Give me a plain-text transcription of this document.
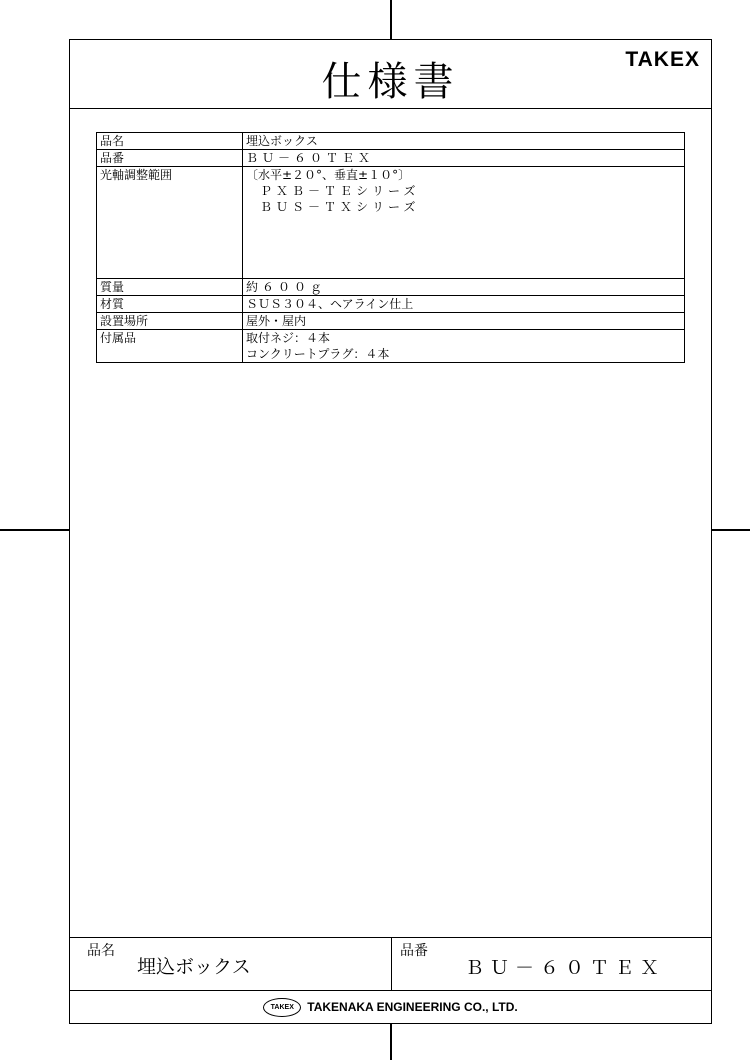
仕様書	TAKEX
品名	埋込ボックス
品番	ＢＵ－６０ＴＥＸ
光軸調整範囲	〔水平±２０°、垂直±１０°〕
ＰＸＢ－ＴＥシリーズ
ＢＵＳ－ＴＸシリーズ

質量	約６００ｇ
材質	ＳＵＳ３０４、ヘアライン仕上
設置場所	屋外・屋内
付属品	取付ネジ：４本
コンクリートプラグ：４本
品名
埋込ボックス
品番
ＢＵ－６０ＴＥＸ
TAKEX	TAKENAKA ENGINEERING CO., LTD.
